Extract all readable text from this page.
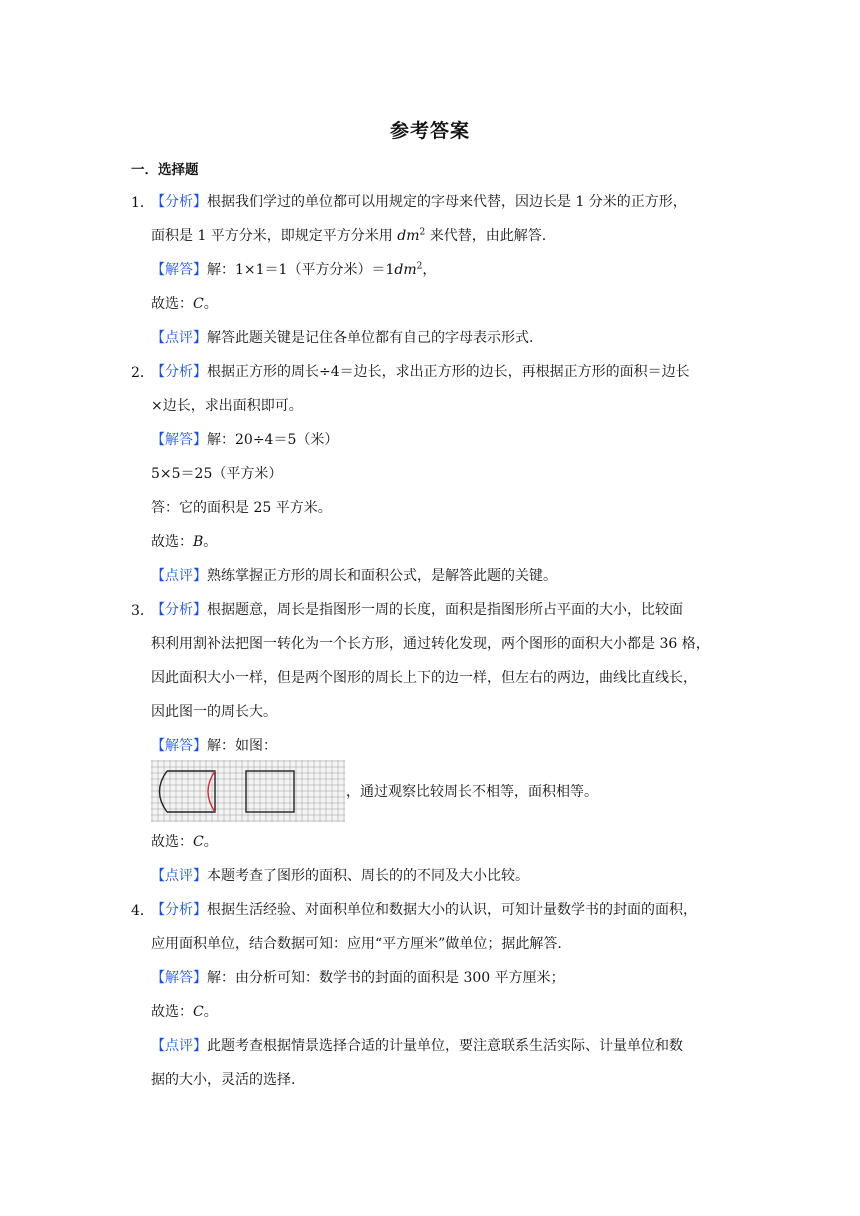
参考答案
一．选择题
1．
【分析】根据我们学过的单位都可以用规定的字母来代替，因边长是 1 分米的正方形，
面积是 1 平方分米，即规定平方分米用 $dm^2$ 来代替，由此解答.
【解答】解：1×1＝1（平方分米）$=1dm^2$，
故选：C。
【点评】解答此题关键是记住各单位都有自己的字母表示形式.
2．
【分析】根据正方形的周长÷4＝边长，求出正方形的边长，再根据正方形的面积＝边长
×边长，求出面积即可。
【解答】解：20÷4＝5（米）
5×5＝25（平方米）
答：它的面积是 25 平方米。
故选：B。
【点评】熟练掌握正方形的周长和面积公式，是解答此题的关键。
3．
【分析】根据题意，周长是指图形一周的长度，面积是指图形所占平面的大小，比较面
积利用割补法把图一转化为一个长方形，通过转化发现，两个图形的面积大小都是 36 格，
因此面积大小一样，但是两个图形的周长上下的边一样，但左右的两边，曲线比直线长，
因此图一的周长大。
【解答】解：如图：
，通过观察比较周长不相等，面积相等。
故选：C。
【点评】本题考查了图形的面积、周长的的不同及大小比较。
4．
【分析】根据生活经验、对面积单位和数据大小的认识，可知计量数学书的封面的面积，
应用面积单位，结合数据可知：应用“平方厘米”做单位；据此解答.
【解答】解：由分析可知：数学书的封面的面积是 300 平方厘米；
故选：C。
【点评】此题考查根据情景选择合适的计量单位，要注意联系生活实际、计量单位和数
据的大小，灵活的选择.
